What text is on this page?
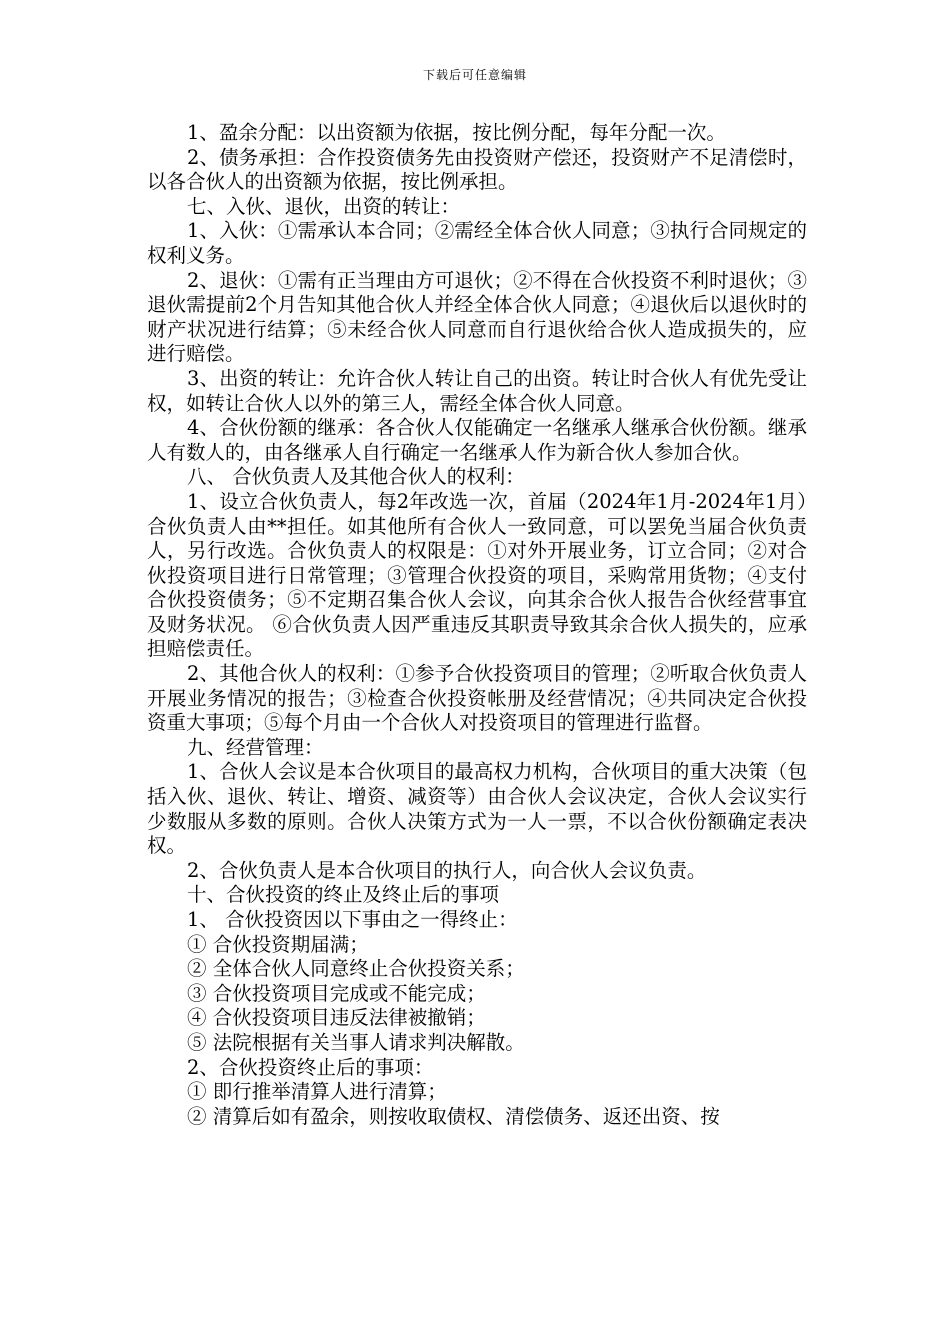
下载后可任意编辑

1、盈余分配：以出资额为依据，按比例分配，每年分配一次。

2、债务承担：合作投资债务先由投资财产偿还，投资财产不足清偿时，以各合伙人的出资额为依据，按比例承担。

七、入伙、退伙，出资的转让：

1、入伙：①需承认本合同；②需经全体合伙人同意；③执行合同规定的权利义务。

2、退伙：①需有正当理由方可退伙；②不得在合伙投资不利时退伙；③退伙需提前2个月告知其他合伙人并经全体合伙人同意；④退伙后以退伙时的财产状况进行结算；⑤未经合伙人同意而自行退伙给合伙人造成损失的，应进行赔偿。

3、出资的转让：允许合伙人转让自己的出资。转让时合伙人有优先受让权，如转让合伙人以外的第三人，需经全体合伙人同意。

4、合伙份额的继承：各合伙人仅能确定一名继承人继承合伙份额。继承人有数人的，由各继承人自行确定一名继承人作为新合伙人参加合伙。

八、 合伙负责人及其他合伙人的权利：

1、设立合伙负责人，每2年改选一次，首届（2024年1月-2024年1月）合伙负责人由**担任。如其他所有合伙人一致同意，可以罢免当届合伙负责人，另行改选。合伙负责人的权限是：①对外开展业务，订立合同；②对合伙投资项目进行日常管理；③管理合伙投资的项目，采购常用货物；④支付合伙投资债务；⑤不定期召集合伙人会议，向其余合伙人报告合伙经营事宜及财务状况。 ⑥合伙负责人因严重违反其职责导致其余合伙人损失的，应承担赔偿责任。

2、其他合伙人的权利：①参予合伙投资项目的管理；②听取合伙负责人开展业务情况的报告；③检查合伙投资帐册及经营情况；④共同决定合伙投资重大事项；⑤每个月由一个合伙人对投资项目的管理进行监督。

九、经营管理：

1、合伙人会议是本合伙项目的最高权力机构，合伙项目的重大决策（包括入伙、退伙、转让、增资、减资等）由合伙人会议决定，合伙人会议实行少数服从多数的原则。合伙人决策方式为一人一票，不以合伙份额确定表决权。

2、合伙负责人是本合伙项目的执行人，向合伙人会议负责。

十、合伙投资的终止及终止后的事项

1、 合伙投资因以下事由之一得终止：

① 合伙投资期届满；

② 全体合伙人同意终止合伙投资关系；

③ 合伙投资项目完成或不能完成；

④ 合伙投资项目违反法律被撤销；

⑤ 法院根据有关当事人请求判决解散。

2、合伙投资终止后的事项：

① 即行推举清算人进行清算；

② 清算后如有盈余，则按收取债权、清偿债务、返还出资、按
